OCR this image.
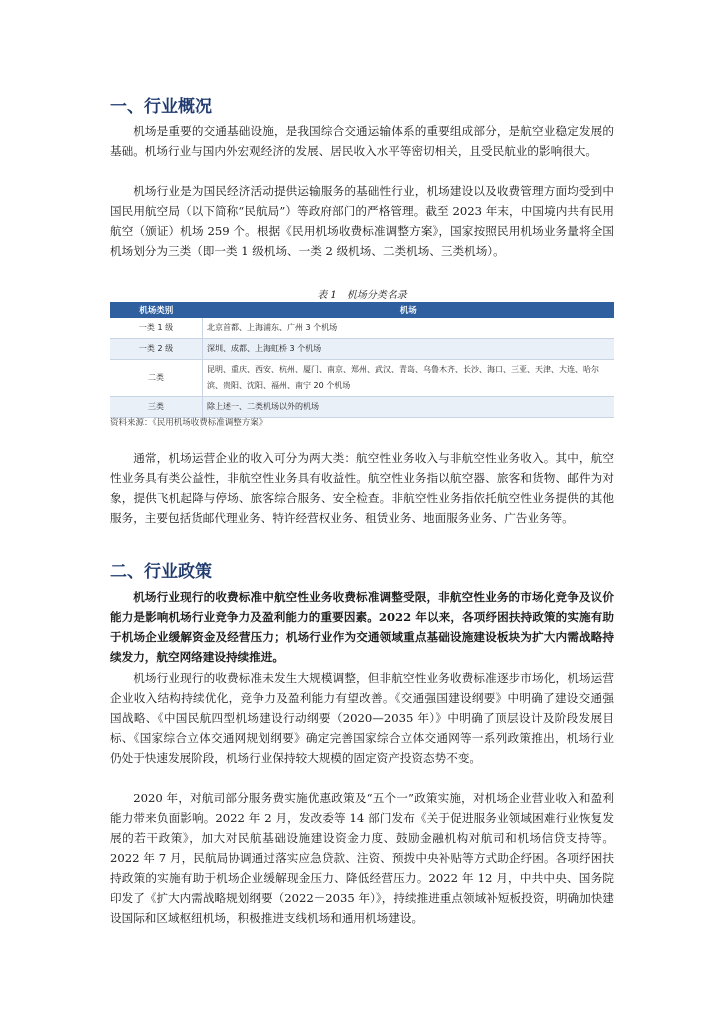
一、行业概况

机场是重要的交通基础设施，是我国综合交通运输体系的重要组成部分，是航空业稳定发展的基础。机场行业与国内外宏观经济的发展、居民收入水平等密切相关，且受民航业的影响很大。

机场行业是为国民经济活动提供运输服务的基础性行业，机场建设以及收费管理方面均受到中国民用航空局（以下简称“民航局”）等政府部门的严格管理。截至 2023 年末，中国境内共有民用航空（颁证）机场 259 个。根据《民用机场收费标准调整方案》，国家按照民用机场业务量将全国机场划分为三类（即一类 1 级机场、一类 2 级机场、二类机场、三类机场）。

表 1　机场分类名录

机场类别	机场
一类 1 级	北京首都、上海浦东、广州 3 个机场
一类 2 级	深圳、成都、上海虹桥 3 个机场
二类	昆明、重庆、西安、杭州、厦门、南京、郑州、武汉、青岛、乌鲁木齐、长沙、海口、三亚、天津、大连、哈尔滨、贵阳、沈阳、福州、南宁 20 个机场
三类	除上述一、二类机场以外的机场

资料来源：《民用机场收费标准调整方案》

通常，机场运营企业的收入可分为两大类：航空性业务收入与非航空性业务收入。其中，航空性业务具有类公益性，非航空性业务具有收益性。航空性业务指以航空器、旅客和货物、邮件为对象，提供飞机起降与停场、旅客综合服务、安全检查。非航空性业务指依托航空性业务提供的其他服务，主要包括货邮代理业务、特许经营权业务、租赁业务、地面服务业务、广告业务等。

二、行业政策

机场行业现行的收费标准中航空性业务收费标准调整受限，非航空性业务的市场化竞争及议价能力是影响机场行业竞争力及盈利能力的重要因素。2022 年以来，各项纾困扶持政策的实施有助于机场企业缓解资金及经营压力；机场行业作为交通领域重点基础设施建设板块为扩大内需战略持续发力，航空网络建设持续推进。

机场行业现行的收费标准未发生大规模调整，但非航空性业务收费标准逐步市场化，机场运营企业收入结构持续优化，竞争力及盈利能力有望改善。《交通强国建设纲要》中明确了建设交通强国战略、《中国民航四型机场建设行动纲要（2020—2035 年）》中明确了顶层设计及阶段发展目标、《国家综合立体交通网规划纲要》确定完善国家综合立体交通网等一系列政策推出，机场行业仍处于快速发展阶段，机场行业保持较大规模的固定资产投资态势不变。

2020 年，对航司部分服务费实施优惠政策及“五个一”政策实施，对机场企业营业收入和盈利能力带来负面影响。2022 年 2 月，发改委等 14 部门发布《关于促进服务业领域困难行业恢复发展的若干政策》，加大对民航基础设施建设资金力度、鼓励金融机构对航司和机场信贷支持等。2022 年 7 月，民航局协调通过落实应急贷款、注资、预拨中央补贴等方式助企纾困。各项纾困扶持政策的实施有助于机场企业缓解现金压力、降低经营压力。2022 年 12 月，中共中央、国务院印发了《扩大内需战略规划纲要（2022－2035 年）》，持续推进重点领域补短板投资，明确加快建设国际和区域枢纽机场，积极推进支线机场和通用机场建设。
